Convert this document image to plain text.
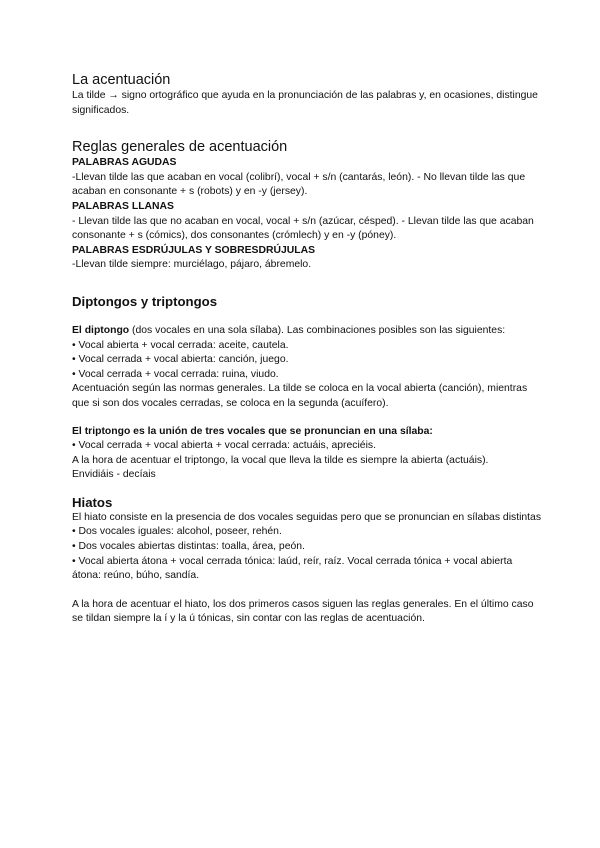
La acentuación

La tilde → signo ortográfico que ayuda en la pronunciación de las palabras y, en ocasiones, distingue significados.

Reglas generales de acentuación

PALABRAS AGUDAS

-Llevan tilde las que acaban en vocal (colibrí), vocal + s/n (cantarás, león). - No llevan tilde las que acaban en consonante + s (robots) y en -y (jersey).

PALABRAS LLANAS

- Llevan tilde las que no acaban en vocal, vocal + s/n (azúcar, césped). - Llevan tilde las que acaban consonante + s (cómics), dos consonantes (crómlech) y en -y (póney).

PALABRAS ESDRÚJULAS Y SOBRESDRÚJULAS

-Llevan tilde siempre: murciélago, pájaro, ábremelo.

Diptongos y triptongos

El diptongo (dos vocales en una sola sílaba). Las combinaciones posibles son las siguientes:

• Vocal abierta + vocal cerrada: aceite, cautela.
• Vocal cerrada + vocal abierta: canción, juego.
• Vocal cerrada + vocal cerrada: ruina, viudo.

Acentuación según las normas generales. La tilde se coloca en la vocal abierta (canción), mientras que si son dos vocales cerradas, se coloca en la segunda (acuífero).

El triptongo es la unión de tres vocales que se pronuncian en una sílaba:

• Vocal cerrada + vocal abierta + vocal cerrada: actuáis, apreciéis.

A la hora de acentuar el triptongo, la vocal que lleva la tilde es siempre la abierta (actuáis).

Envidiáis - decíais

Hiatos

El hiato consiste en la presencia de dos vocales seguidas pero que se pronuncian en sílabas distintas

• Dos vocales iguales: alcohol, poseer, rehén.
• Dos vocales abiertas distintas: toalla, área, peón.
• Vocal abierta átona + vocal cerrada tónica: laúd, reír, raíz. Vocal cerrada tónica + vocal abierta átona: reúno, búho, sandía.

A la hora de acentuar el hiato, los dos primeros casos siguen las reglas generales. En el último caso se tildan siempre la í y la ú tónicas, sin contar con las reglas de acentuación.
